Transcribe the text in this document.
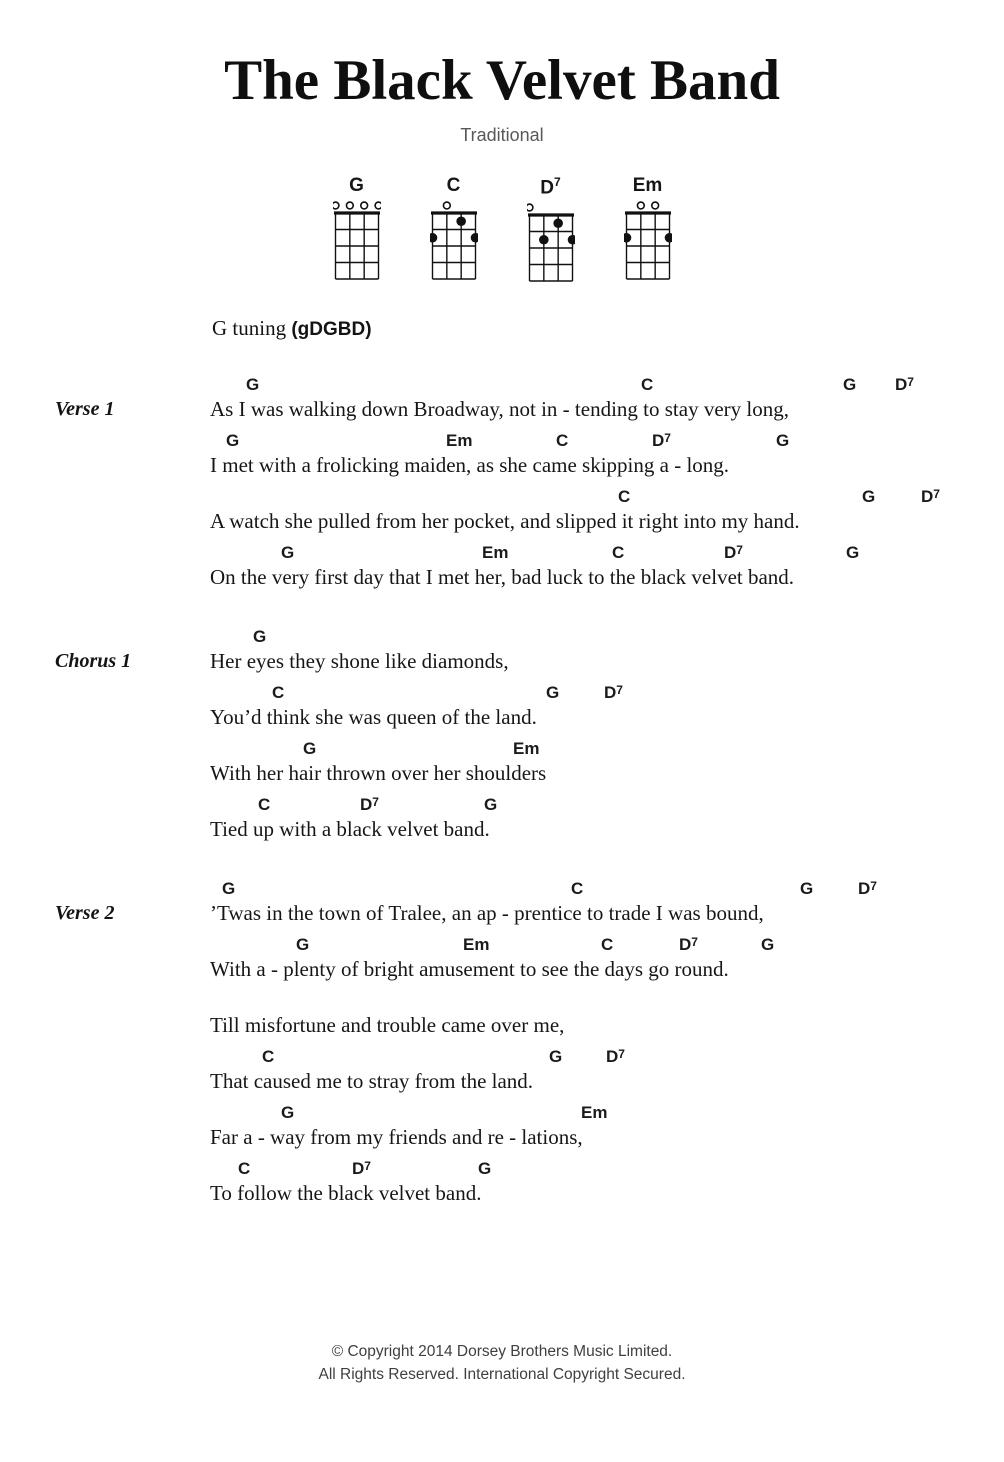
The Black Velvet Band
Traditional
G	C	$D^7$	Em
G tuning (gDGBD)
Verse 1
G	C	G $D^7$
As I was walking down Broadway, not in - tending to stay very long,
G	Em	C	$D^7$	G
I met with a frolicking maiden, as she came skipping a - long.
C	G	$D^7$
A watch she pulled from her pocket, and slipped it right into my hand.
G	Em	C	$D^7$	G
On the very first day that I met her, bad luck to the black velvet band.
Chorus 1
G
Her eyes they shone like diamonds,
C	G	$D^7$
You’d think she was queen of the land.
G	Em
With her hair thrown over her shoulders
C	$D^7$	G
Tied up with a black velvet band.
Verse 2
G	C	G	$D^7$
’Twas in the town of Tralee, an ap - prentice to trade I was bound,
G	Em	C	$D^7$	G
With a - plenty of bright amusement to see the days go round.
Till misfortune and trouble came over me,
C	G	$D^7$
That caused me to stray from the land.
G	Em
Far a - way from my friends and re - lations,
C	$D^7$	G
To follow the black velvet band.
© Copyright 2014 Dorsey Brothers Music Limited.
All Rights Reserved. International Copyright Secured.
